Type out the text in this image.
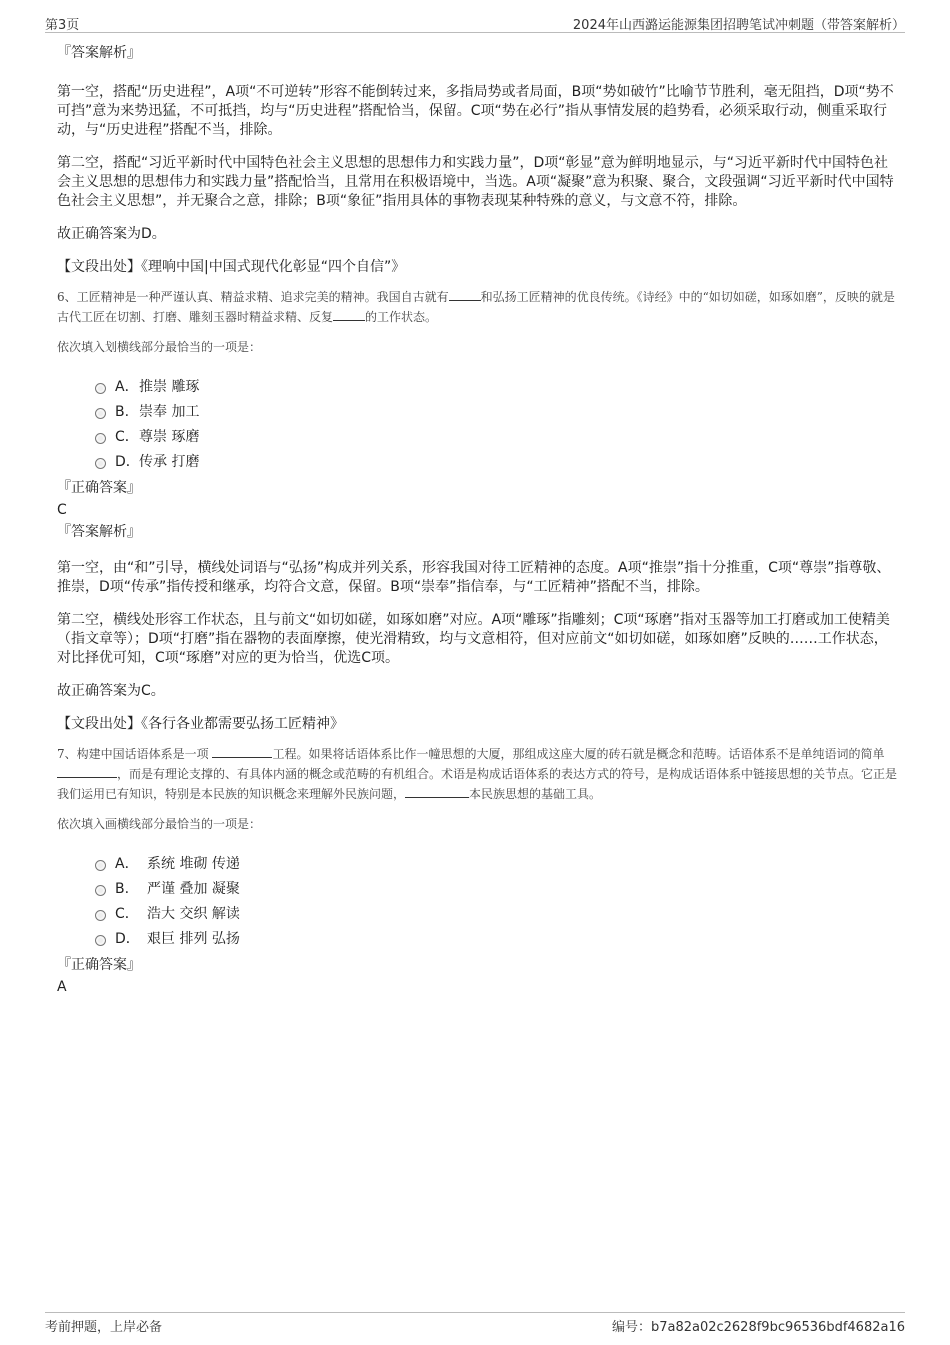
第3页	2024年山西潞运能源集团招聘笔试冲刺题（带答案解析）
『答案解析』

第一空，搭配“历史进程”，A项“不可逆转”形容不能倒转过来，多指局势或者局面，B项“势如破竹”比喻节节胜利，毫无阻挡，D项“势不可挡”意为来势迅猛，不可抵挡，均与“历史进程”搭配恰当，保留。C项“势在必行”指从事情发展的趋势看，必须采取行动，侧重采取行动，与“历史进程”搭配不当，排除。

第二空，搭配“习近平新时代中国特色社会主义思想的思想伟力和实践力量”，D项“彰显”意为鲜明地显示，与“习近平新时代中国特色社会主义思想的思想伟力和实践力量”搭配恰当，且常用在积极语境中，当选。A项“凝聚”意为积聚、聚合，文段强调“习近平新时代中国特色社会主义思想”，并无聚合之意，排除；B项“象征”指用具体的事物表现某种特殊的意义，与文意不符，排除。

故正确答案为D。

【文段出处】《理响中国|中国式现代化彰显“四个自信”》

6、工匠精神是一种严谨认真、精益求精、追求完美的精神。我国自古就有	和弘扬工匠精神的优良传统。《诗经》中的“如切如磋，如琢如磨”，反映的就是古代工匠在切割、打磨、雕刻玉器时精益求精、反复	的工作状态。

依次填入划横线部分最恰当的一项是：

A．推崇 雕琢
B. 崇奉 加工
C．尊崇 琢磨
D．传承 打磨
『正确答案』
C
『答案解析』

第一空，由“和”引导，横线处词语与“弘扬”构成并列关系，形容我国对待工匠精神的态度。A项“推崇”指十分推重，C项“尊崇”指尊敬、推崇，D项“传承”指传授和继承，均符合文意，保留。B项“崇奉”指信奉，与“工匠精神”搭配不当，排除。

第二空，横线处形容工作状态，且与前文“如切如磋，如琢如磨”对应。A项“雕琢”指雕刻；C项“琢磨”指对玉器等加工打磨或加工使精美（指文章等）；D项“打磨”指在器物的表面摩擦，使光滑精致，均与文意相符，但对应前文“如切如磋，如琢如磨”反映的……工作状态，对比择优可知，C项“琢磨”对应的更为恰当，优选C项。

故正确答案为C。

【文段出处】《各行各业都需要弘扬工匠精神》

7、构建中国话语体系是一项	工程。如果将话语体系比作一幢思想的大厦，那组成这座大厦的砖石就是概念和范畴。话语体系不是单纯语词的简单 ，而是有理论支撑的、有具体内涵的概念或范畴的有机组合。术语是构成话语体系的表达方式的符号，是构成话语体系中链接思想的关节点。它正是我们运用已有知识，特别是本民族的知识概念来理解外民族问题，	本民族思想的基础工具。

依次填入画横线部分最恰当的一项是：

A． 系统 堆砌 传递
B. 严谨 叠加 凝聚
C． 浩大 交织 解读
D． 艰巨 排列 弘扬
『正确答案』
A
考前押题，上岸必备	编号：b7a82a02c2628f9bc96536bdf4682a16
